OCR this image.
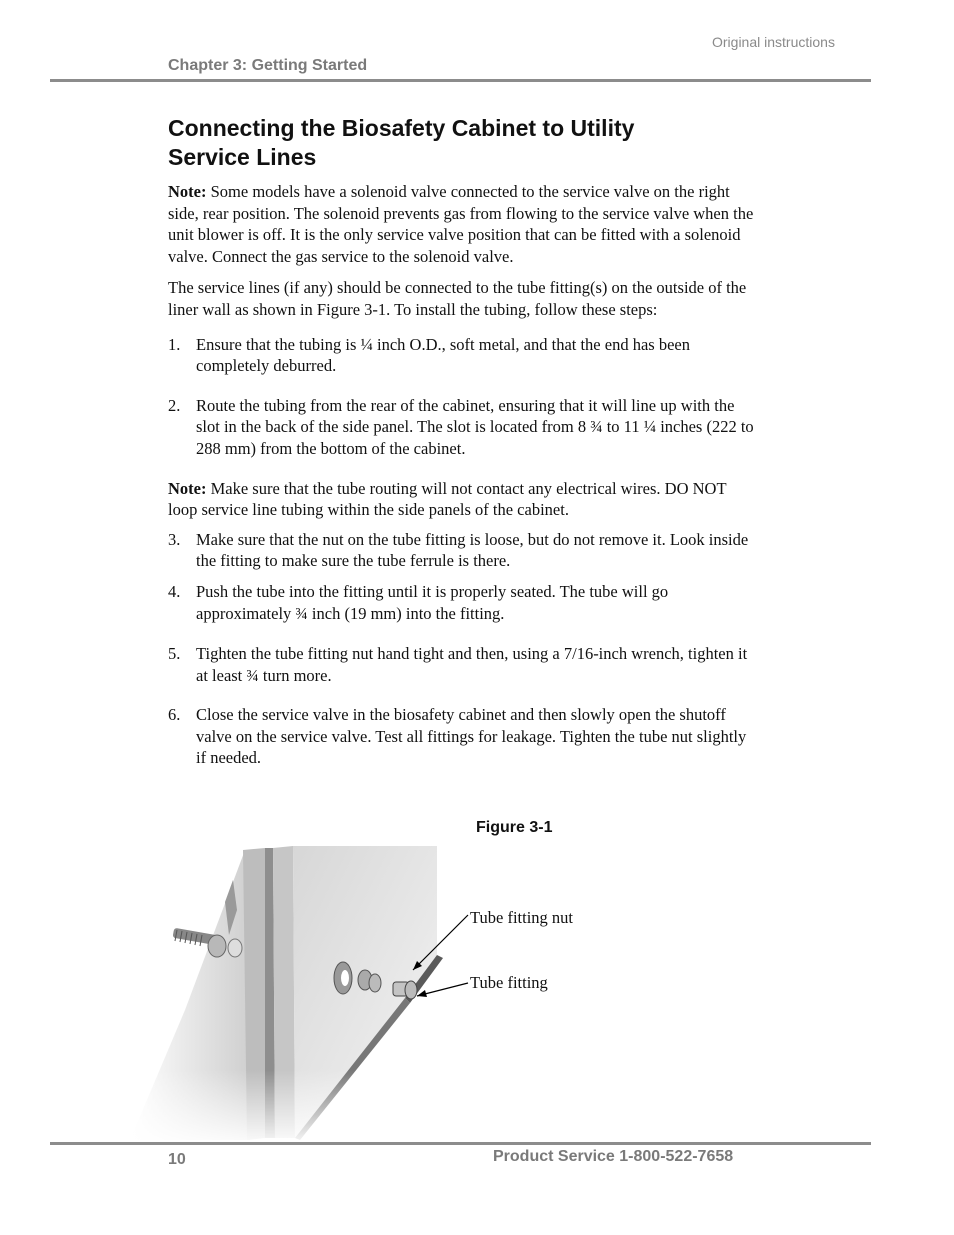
Original instructions
Chapter 3: Getting Started
Connecting the Biosafety Cabinet to Utility
Service Lines

Note: Some models have a solenoid valve connected to the service valve on the right side, rear position. The solenoid prevents gas from flowing to the service valve when the unit blower is off. It is the only service valve position that can be fitted with a solenoid valve. Connect the gas service to the solenoid valve.

The service lines (if any) should be connected to the tube fitting(s) on the outside of the liner wall as shown in Figure 3-1. To install the tubing, follow these steps:

1. Ensure that the tubing is ¼ inch O.D., soft metal, and that the end has been completely deburred.
2. Route the tubing from the rear of the cabinet, ensuring that it will line up with the slot in the back of the side panel. The slot is located from 8 ¾ to 11 ¼ inches (222 to 288 mm) from the bottom of the cabinet.

Note: Make sure that the tube routing will not contact any electrical wires. DO NOT loop service line tubing within the side panels of the cabinet.

3. Make sure that the nut on the tube fitting is loose, but do not remove it. Look inside the fitting to make sure the tube ferrule is there.
4. Push the tube into the fitting until it is properly seated. The tube will go approximately ¾ inch (19 mm) into the fitting.
5. Tighten the tube fitting nut hand tight and then, using a 7/16-inch wrench, tighten it at least ¾ turn more.
6. Close the service valve in the biosafety cabinet and then slowly open the shutoff valve on the service valve. Test all fittings for leakage. Tighten the tube nut slightly if needed.
Figure 3-1
Tube fitting nut
Tube fitting
10	Product Service 1-800-522-7658
